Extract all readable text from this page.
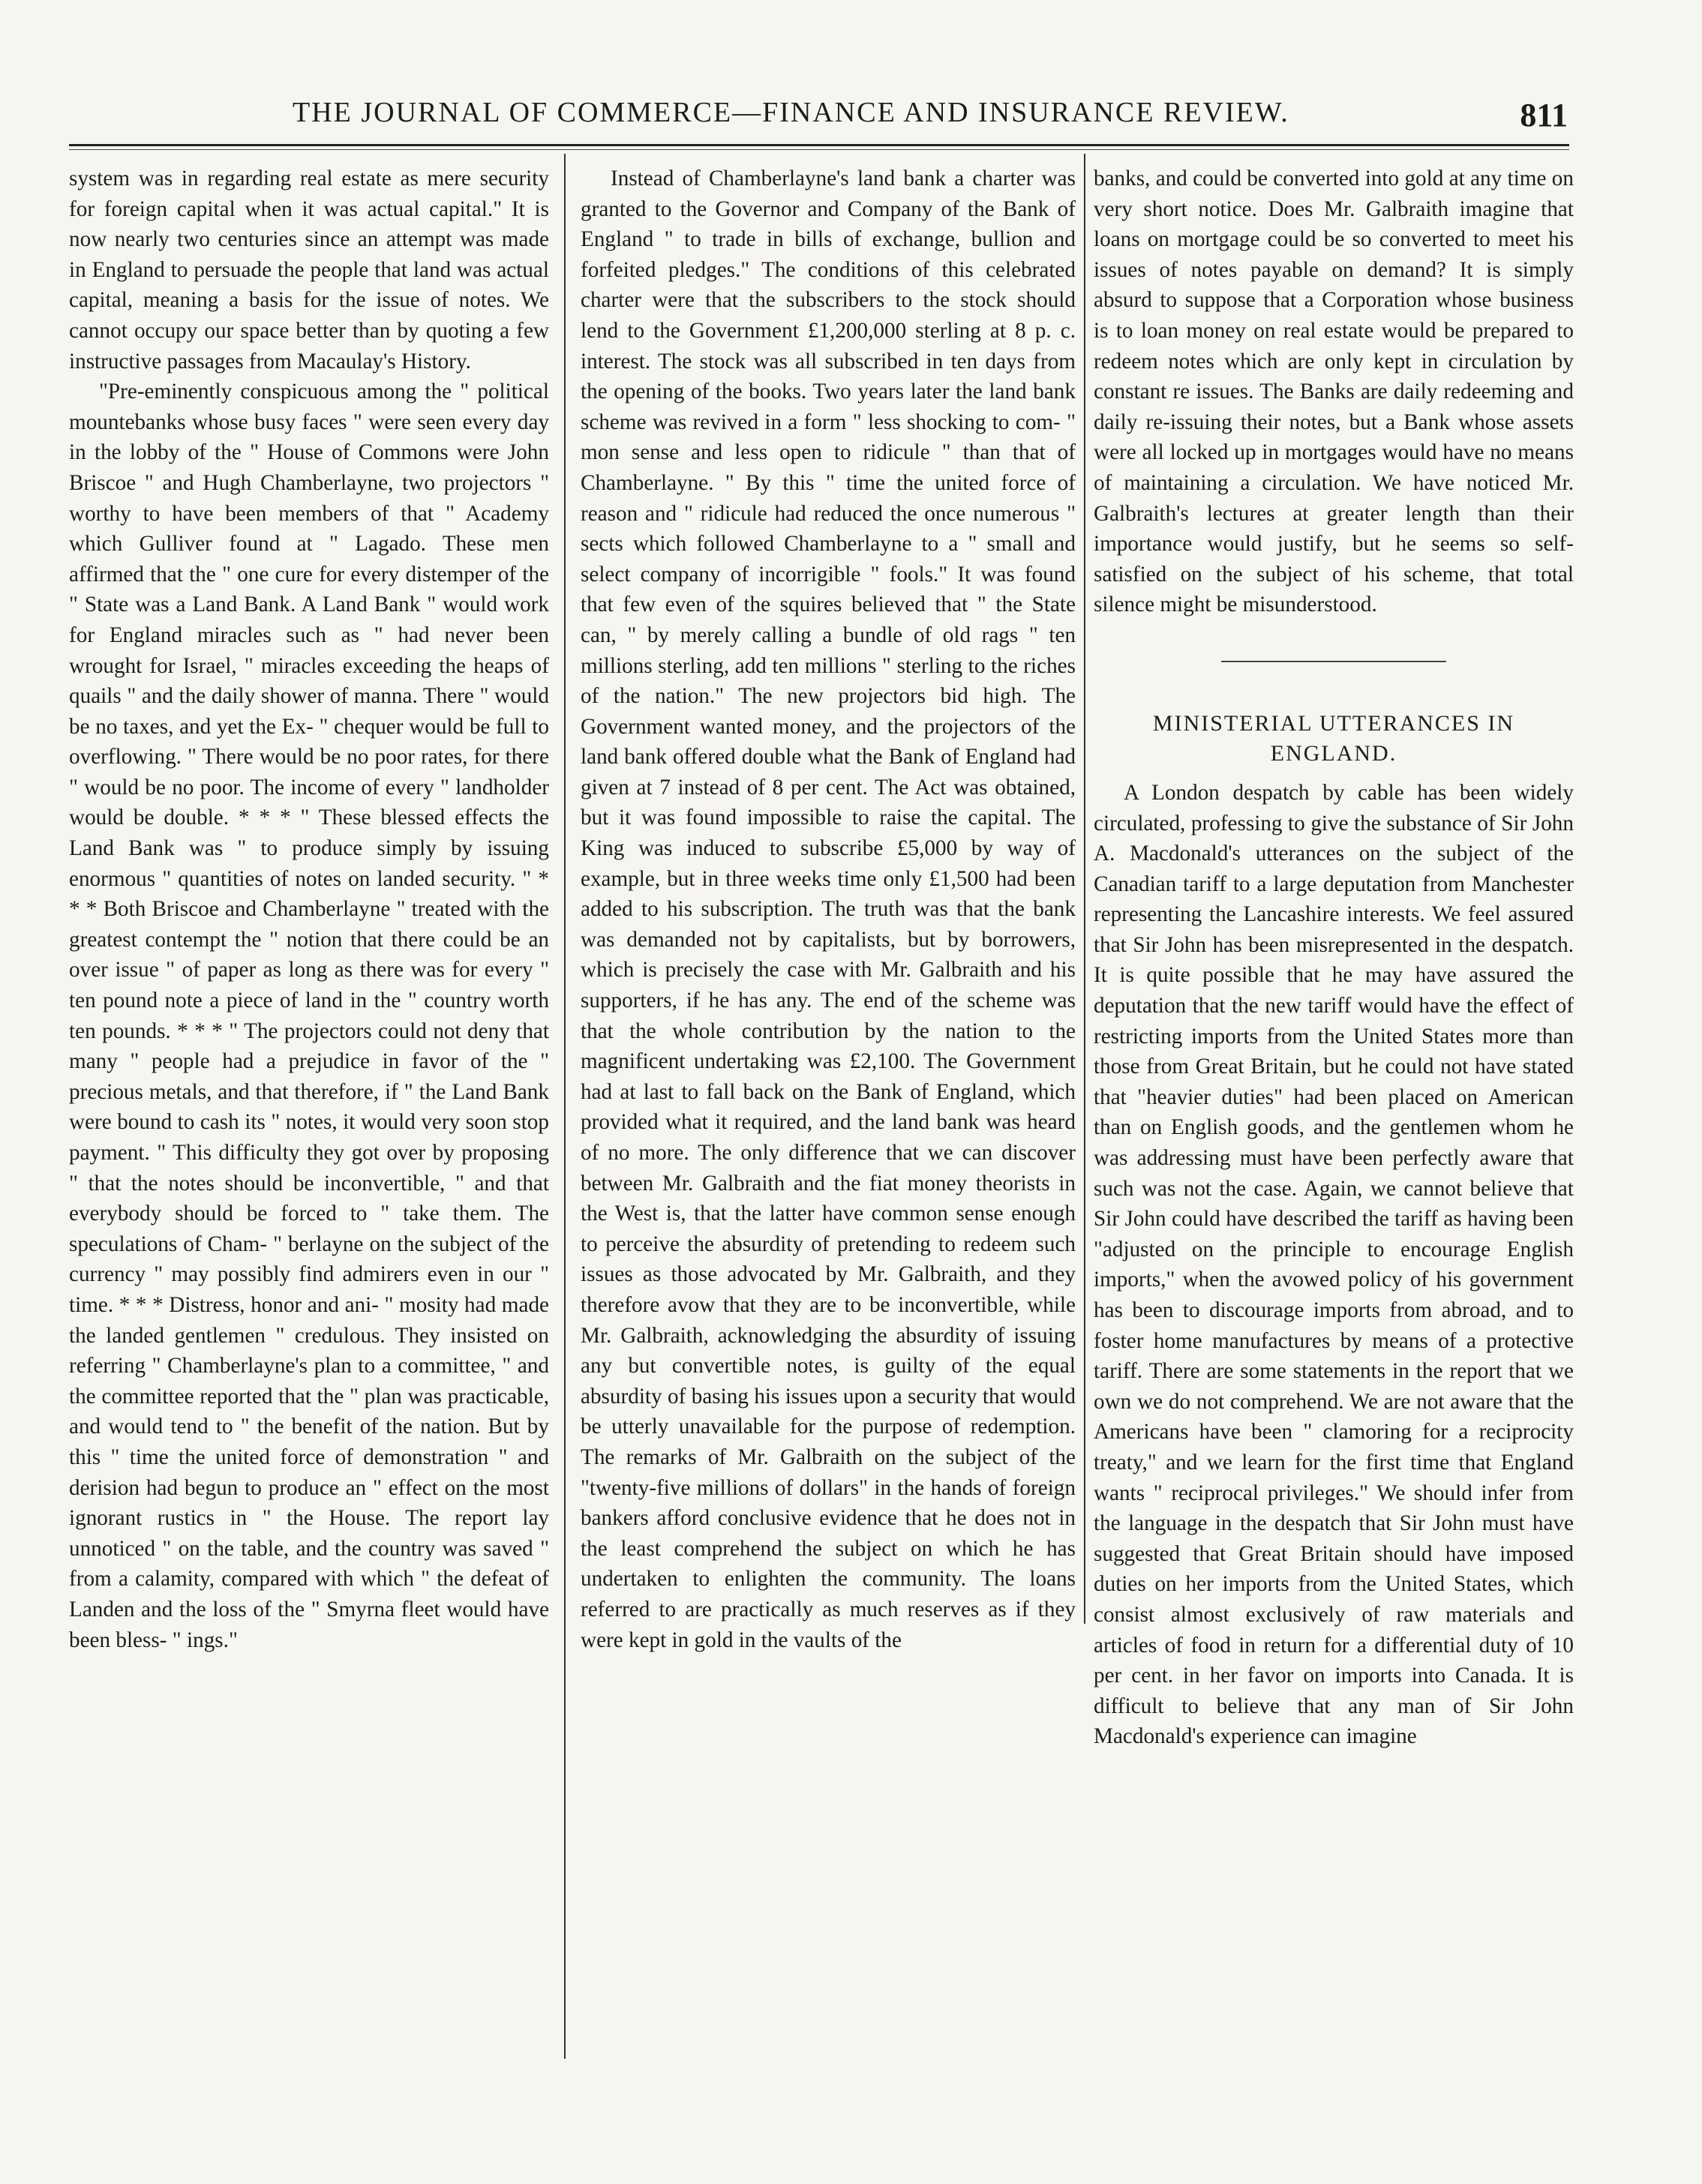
THE JOURNAL OF COMMERCE—FINANCE AND INSURANCE REVIEW.	811

system was in regarding real estate as mere security for foreign capital when it was actual capital." It is now nearly two centuries since an attempt was made in England to persuade the people that land was actual capital, meaning a basis for the issue of notes. We cannot occupy our space better than by quoting a few instructive passages from Macaulay's History.

"Pre-eminently conspicuous among the " political mountebanks whose busy faces " were seen every day in the lobby of the " House of Commons were John Briscoe " and Hugh Chamberlayne, two projectors " worthy to have been members of that " Academy which Gulliver found at " Lagado. These men affirmed that the " one cure for every distemper of the " State was a Land Bank. A Land Bank " would work for England miracles such as " had never been wrought for Israel, " miracles exceeding the heaps of quails " and the daily shower of manna. There " would be no taxes, and yet the Ex- " chequer would be full to overflowing. " There would be no poor rates, for there " would be no poor. The income of every " landholder would be double. * * * " These blessed effects the Land Bank was " to produce simply by issuing enormous " quantities of notes on landed security. " * * * Both Briscoe and Chamberlayne " treated with the greatest contempt the " notion that there could be an over issue " of paper as long as there was for every " ten pound note a piece of land in the " country worth ten pounds. * * * " The projectors could not deny that many " people had a prejudice in favor of the " precious metals, and that therefore, if " the Land Bank were bound to cash its " notes, it would very soon stop payment. " This difficulty they got over by proposing " that the notes should be inconvertible, " and that everybody should be forced to " take them. The speculations of Cham- " berlayne on the subject of the currency " may possibly find admirers even in our " time. * * * Distress, honor and ani- " mosity had made the landed gentlemen " credulous. They insisted on referring " Chamberlayne's plan to a committee, " and the committee reported that the " plan was practicable, and would tend to " the benefit of the nation. But by this " time the united force of demonstration " and derision had begun to produce an " effect on the most ignorant rustics in " the House. The report lay unnoticed " on the table, and the country was saved " from a calamity, compared with which " the defeat of Landen and the loss of the " Smyrna fleet would have been bless- " ings."

Instead of Chamberlayne's land bank a charter was granted to the Governor and Company of the Bank of England " to trade in bills of exchange, bullion and forfeited pledges." The conditions of this celebrated charter were that the subscribers to the stock should lend to the Government £1,200,000 sterling at 8 p. c. interest. The stock was all subscribed in ten days from the opening of the books. Two years later the land bank scheme was revived in a form " less shocking to com- " mon sense and less open to ridicule " than that of Chamberlayne. " By this " time the united force of reason and " ridicule had reduced the once numerous " sects which followed Chamberlayne to a " small and select company of incorrigible " fools." It was found that few even of the squires believed that " the State can, " by merely calling a bundle of old rags " ten millions sterling, add ten millions " sterling to the riches of the nation." The new projectors bid high. The Government wanted money, and the projectors of the land bank offered double what the Bank of England had given at 7 instead of 8 per cent. The Act was obtained, but it was found impossible to raise the capital. The King was induced to subscribe £5,000 by way of example, but in three weeks time only £1,500 had been added to his subscription. The truth was that the bank was demanded not by capitalists, but by borrowers, which is precisely the case with Mr. Galbraith and his supporters, if he has any. The end of the scheme was that the whole contribution by the nation to the magnificent undertaking was £2,100. The Government had at last to fall back on the Bank of England, which provided what it required, and the land bank was heard of no more. The only difference that we can discover between Mr. Galbraith and the fiat money theorists in the West is, that the latter have common sense enough to perceive the absurdity of pretending to redeem such issues as those advocated by Mr. Galbraith, and they therefore avow that they are to be inconvertible, while Mr. Galbraith, acknowledging the absurdity of issuing any but convertible notes, is guilty of the equal absurdity of basing his issues upon a security that would be utterly unavailable for the purpose of redemption. The remarks of Mr. Galbraith on the subject of the "twenty-five millions of dollars" in the hands of foreign bankers afford conclusive evidence that he does not in the least comprehend the subject on which he has undertaken to enlighten the community. The loans referred to are practically as much reserves as if they were kept in gold in the vaults of the

banks, and could be converted into gold at any time on very short notice. Does Mr. Galbraith imagine that loans on mortgage could be so converted to meet his issues of notes payable on demand? It is simply absurd to suppose that a Corporation whose business is to loan money on real estate would be prepared to redeem notes which are only kept in circulation by constant re issues. The Banks are daily redeeming and daily re-issuing their notes, but a Bank whose assets were all locked up in mortgages would have no means of maintaining a circulation. We have noticed Mr. Galbraith's lectures at greater length than their importance would justify, but he seems so self-satisfied on the subject of his scheme, that total silence might be misunderstood.

MINISTERIAL UTTERANCES IN ENGLAND.

A London despatch by cable has been widely circulated, professing to give the substance of Sir John A. Macdonald's utterances on the subject of the Canadian tariff to a large deputation from Manchester representing the Lancashire interests. We feel assured that Sir John has been misrepresented in the despatch. It is quite possible that he may have assured the deputation that the new tariff would have the effect of restricting imports from the United States more than those from Great Britain, but he could not have stated that "heavier duties" had been placed on American than on English goods, and the gentlemen whom he was addressing must have been perfectly aware that such was not the case. Again, we cannot believe that Sir John could have described the tariff as having been "adjusted on the principle to encourage English imports," when the avowed policy of his government has been to discourage imports from abroad, and to foster home manufactures by means of a protective tariff. There are some statements in the report that we own we do not comprehend. We are not aware that the Americans have been " clamoring for a reciprocity treaty," and we learn for the first time that England wants " reciprocal privileges." We should infer from the language in the despatch that Sir John must have suggested that Great Britain should have imposed duties on her imports from the United States, which consist almost exclusively of raw materials and articles of food in return for a differential duty of 10 per cent. in her favor on imports into Canada. It is difficult to believe that any man of Sir John Macdonald's experience can imagine
